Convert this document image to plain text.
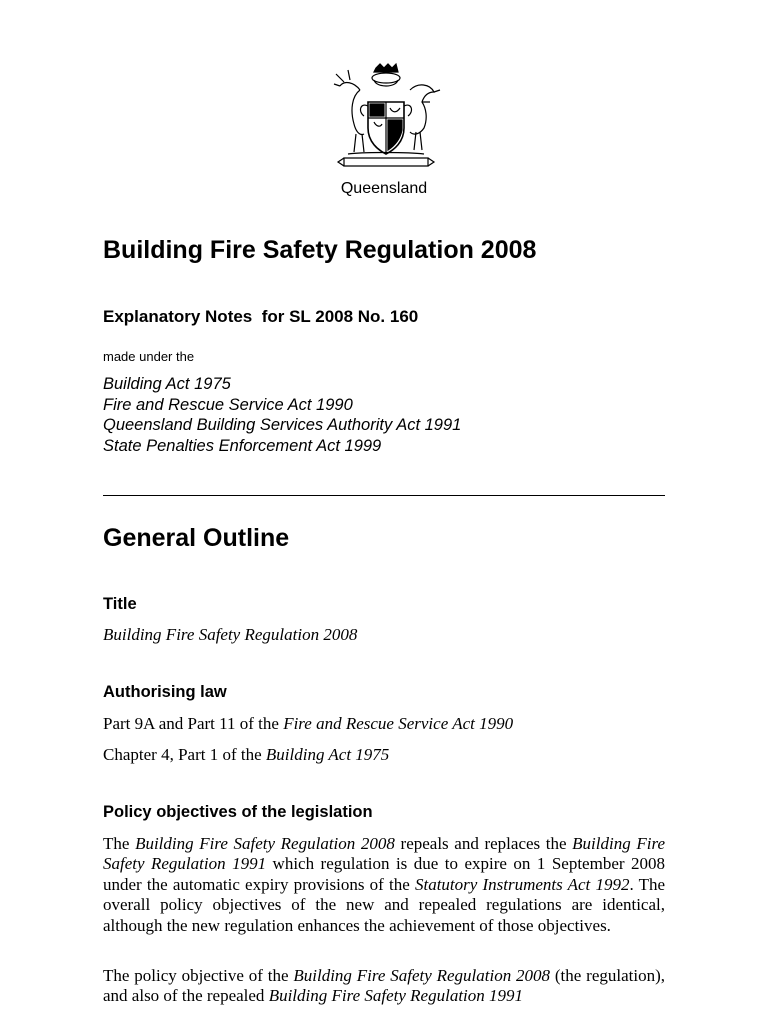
Queensland
Building Fire Safety Regulation 2008
Explanatory Notes  for SL 2008 No. 160
made under the
Building Act 1975
Fire and Rescue Service Act 1990
Queensland Building Services Authority Act 1991
State Penalties Enforcement Act 1999
General Outline
Title

Building Fire Safety Regulation 2008

Authorising law

Part 9A and Part 11 of the Fire and Rescue Service Act 1990

Chapter 4, Part 1 of the Building Act 1975

Policy objectives of the legislation

The Building Fire Safety Regulation 2008 repeals and replaces the Building Fire Safety Regulation 1991 which regulation is due to expire on 1 September 2008 under the automatic expiry provisions of the Statutory Instruments Act 1992. The overall policy objectives of the new and repealed regulations are identical, although the new regulation enhances the achievement of those objectives.

The policy objective of the Building Fire Safety Regulation 2008 (the regulation), and also of the repealed Building Fire Safety Regulation 1991
